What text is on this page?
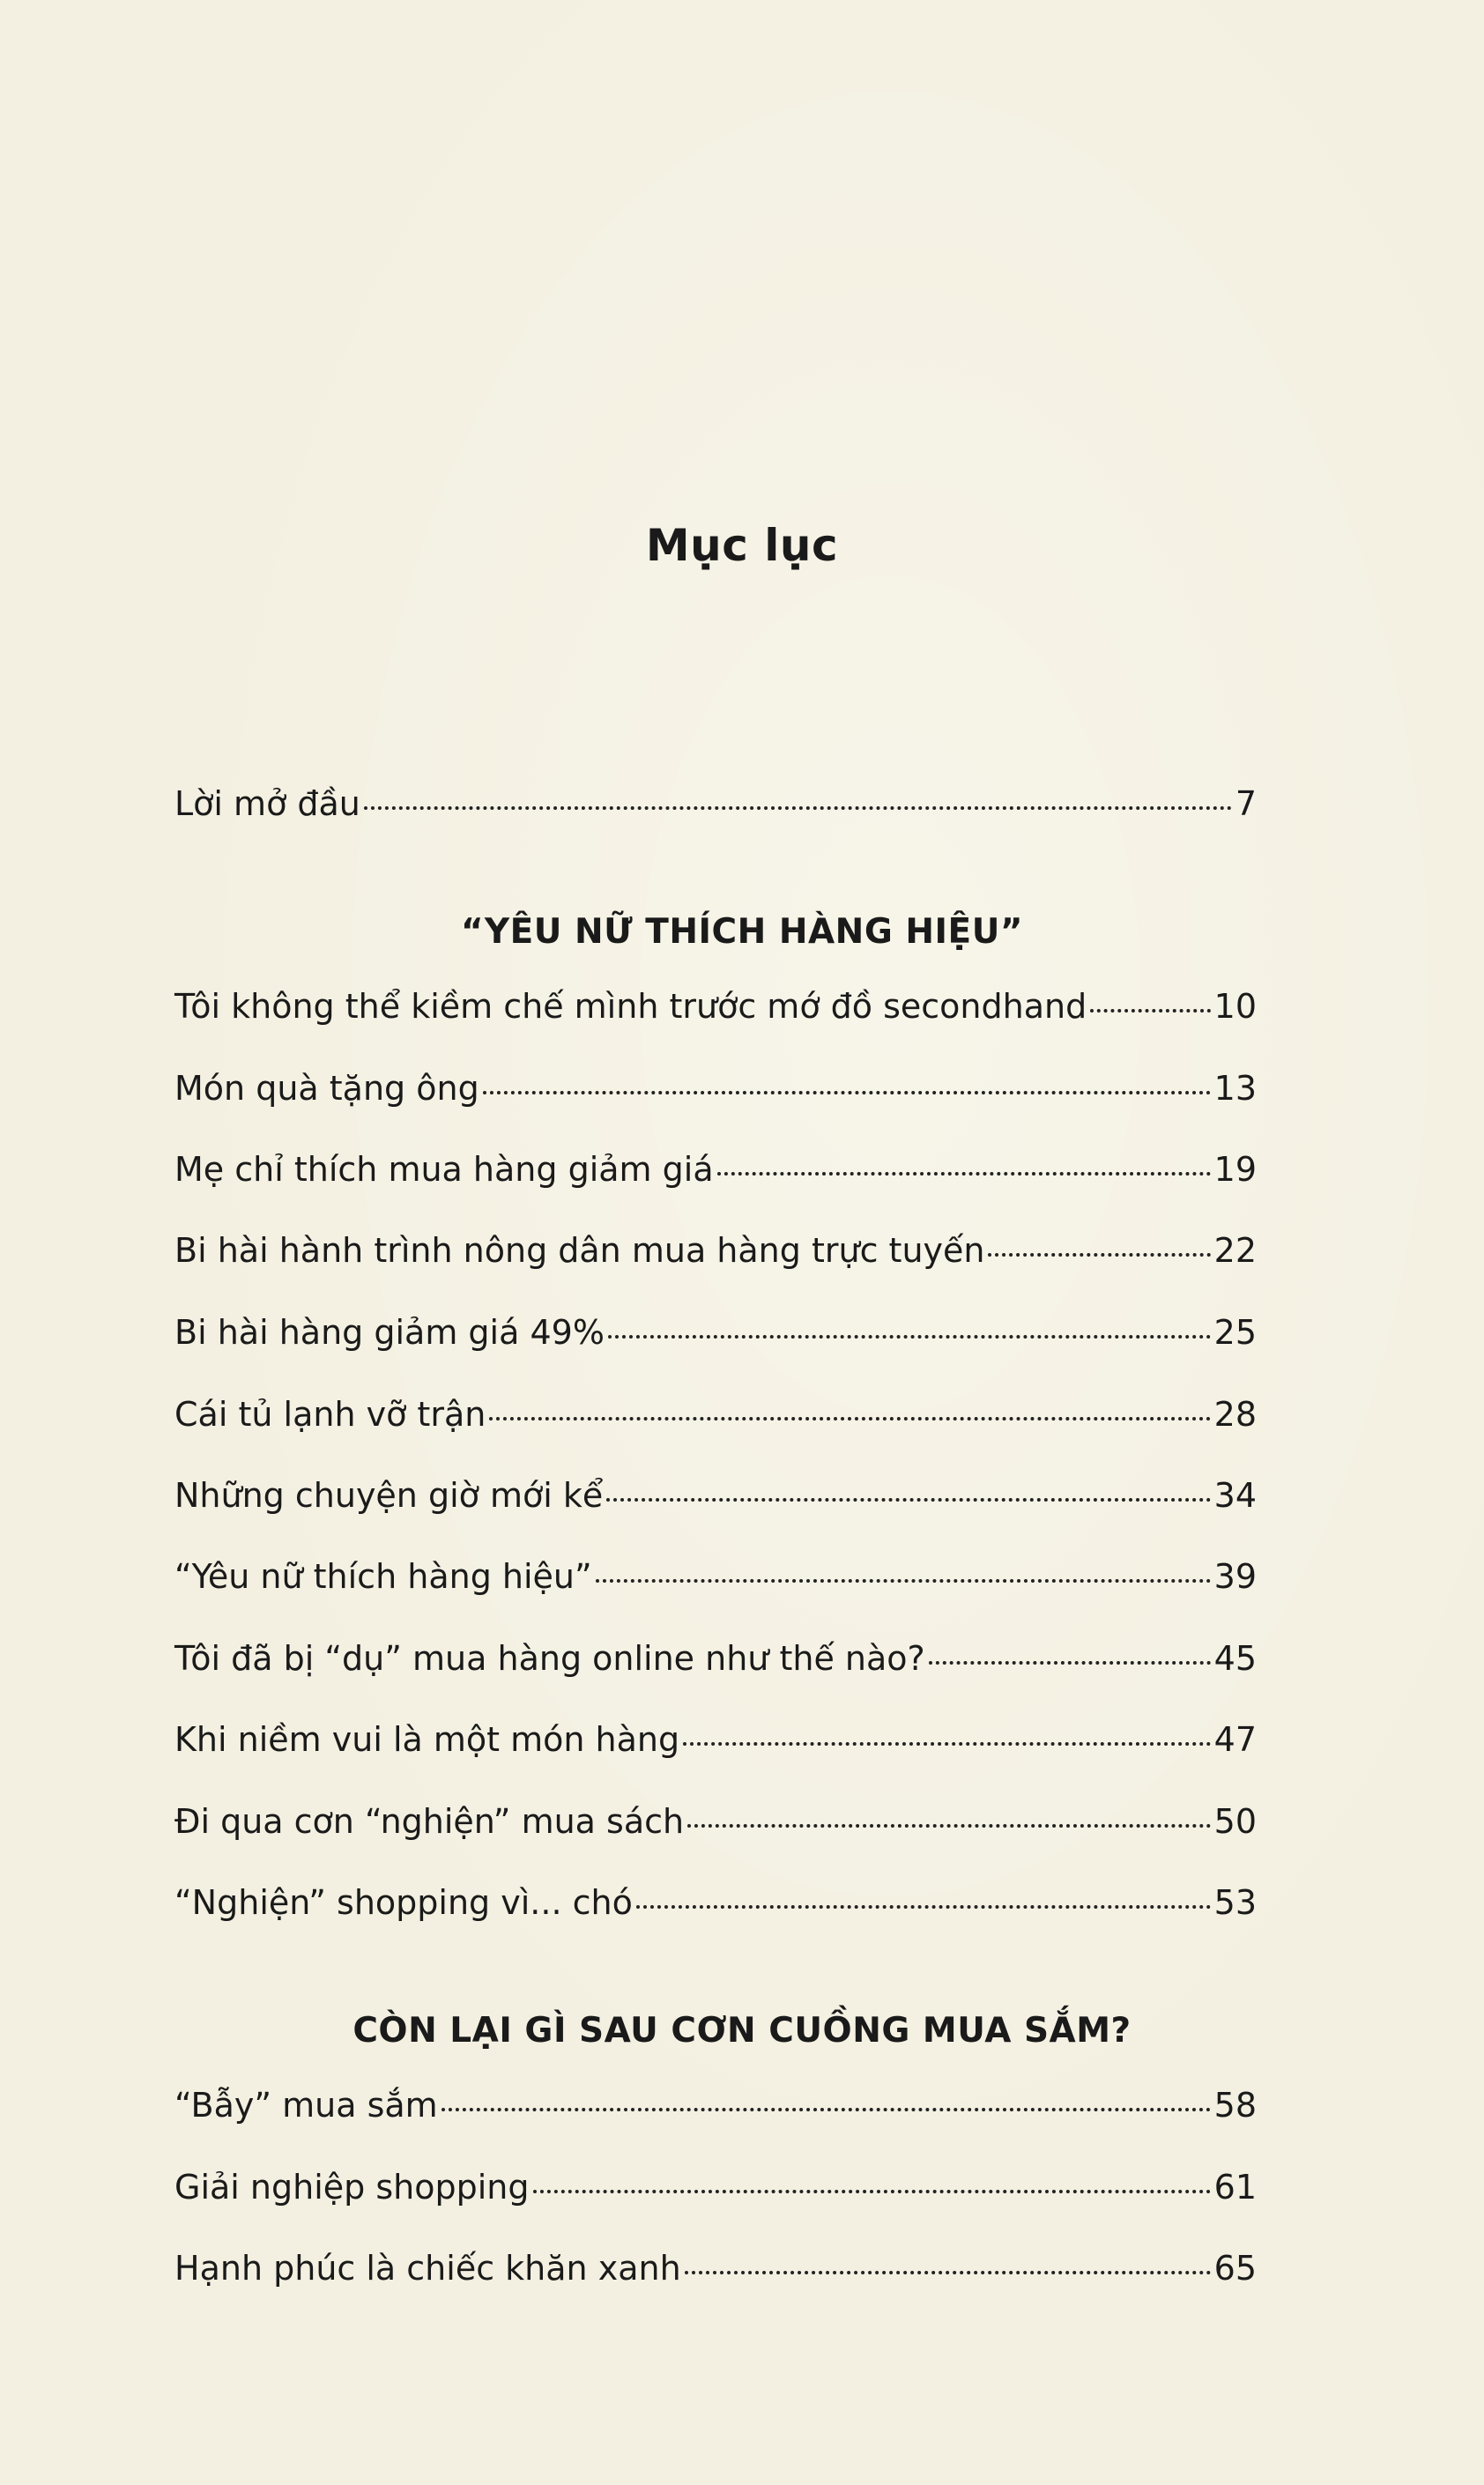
Mục lục
Lời mở đầu	7
“YÊU NỮ THÍCH HÀNG HIỆU”
Tôi không thể kiềm chế mình trước mớ đồ secondhand	10
Món quà tặng ông	13
Mẹ chỉ thích mua hàng giảm giá	19
Bi hài hành trình nông dân mua hàng trực tuyến	22
Bi hài hàng giảm giá 49%	25
Cái tủ lạnh vỡ trận	28
Những chuyện giờ mới kể	34
“Yêu nữ thích hàng hiệu”	39
Tôi đã bị “dụ” mua hàng online như thế nào?	45
Khi niềm vui là một món hàng	47
Đi qua cơn “nghiện” mua sách	50
“Nghiện” shopping vì... chó	53
CÒN LẠI GÌ SAU CƠN CUỒNG MUA SẮM?
“Bẫy” mua sắm	58
Giải nghiệp shopping	61
Hạnh phúc là chiếc khăn xanh	65
